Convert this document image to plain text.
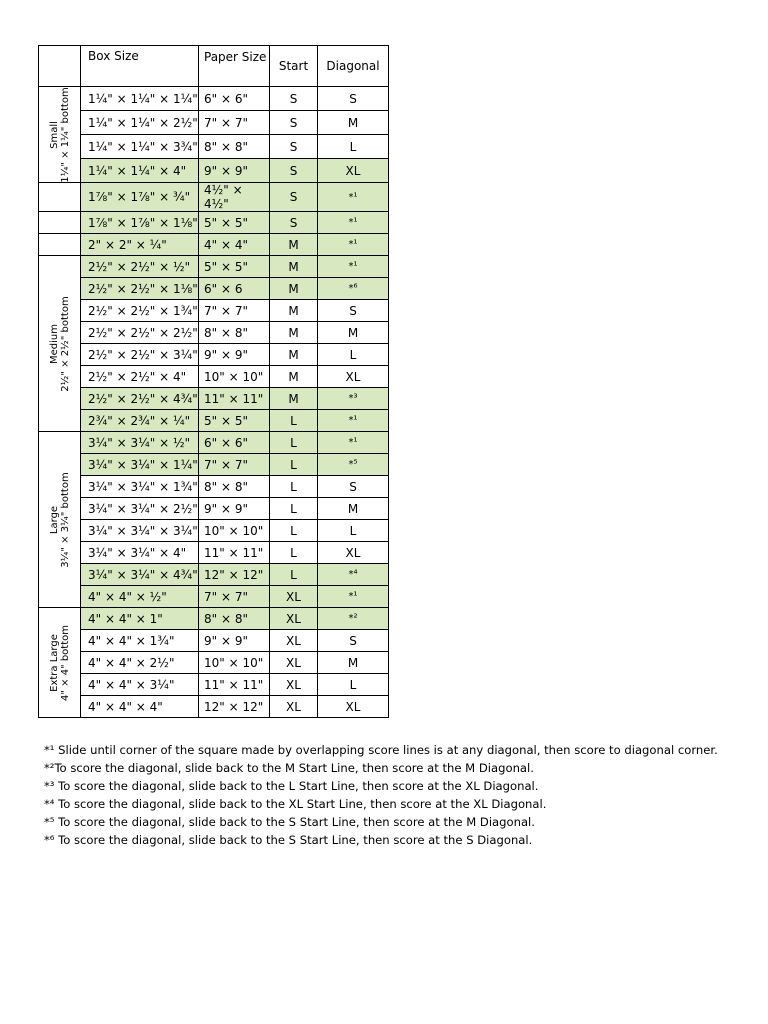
	Box Size	Paper Size	Start	Diagonal

Small 1¼" × 1¼" bottom	1¼" × 1¼" × 1¼"	6" × 6"	S	S
	1¼" × 1¼" × 2½"	7" × 7"	S	M
	1¼" × 1¼" × 3¾"	8" × 8"	S	L
	1¼" × 1¼" × 4"	9" × 9"	S	XL
	1⅞" × 1⅞" × ¾"	4½" × 4½"	S	*¹
	1⅞" × 1⅞" × 1⅛"	5" × 5"	S	*¹
	2" × 2" × ¼"	4" × 4"	M	*¹

Medium 2½" × 2½" bottom	2½" × 2½" × ½"	5" × 5"	M	*¹
	2½" × 2½" × 1⅛"	6" × 6	M	*⁶
	2½" × 2½" × 1¾"	7" × 7"	M	S
	2½" × 2½" × 2½"	8" × 8"	M	M
	2½" × 2½" × 3¼"	9" × 9"	M	L
	2½" × 2½" × 4"	10" × 10"	M	XL
	2½" × 2½" × 4¾"	11" × 11"	M	*³
	2¾" × 2¾" × ¼"	5" × 5"	L	*¹

Large 3¼" × 3¼" bottom	3¼" × 3¼" × ½"	6" × 6"	L	*¹
	3¼" × 3¼" × 1¼"	7" × 7"	L	*⁵
	3¼" × 3¼" × 1¾"	8" × 8"	L	S
	3¼" × 3¼" × 2½"	9" × 9"	L	M
	3¼" × 3¼" × 3¼"	10" × 10"	L	L
	3¼" × 3¼" × 4"	11" × 11"	L	XL
	3¼" × 3¼" × 4¾"	12" × 12"	L	*⁴
	4" × 4" × ½"	7" × 7"	XL	*¹

Extra Large 4" × 4" bottom	4" × 4" × 1"	8" × 8"	XL	*²
	4" × 4" × 1¾"	9" × 9"	XL	S
	4" × 4" × 2½"	10" × 10"	XL	M
	4" × 4" × 3¼"	11" × 11"	XL	L
	4" × 4" × 4"	12" × 12"	XL	XL
*¹ Slide until corner of the square made by overlapping score lines is at any diagonal, then score to diagonal corner.
*²To score the diagonal, slide back to the M Start Line, then score at the M Diagonal.
*³ To score the diagonal, slide back to the L Start Line, then score at the XL Diagonal.
*⁴ To score the diagonal, slide back to the XL Start Line, then score at the XL Diagonal.
*⁵ To score the diagonal, slide back to the S Start Line, then score at the M Diagonal.
*⁶ To score the diagonal, slide back to the S Start Line, then score at the S Diagonal.
